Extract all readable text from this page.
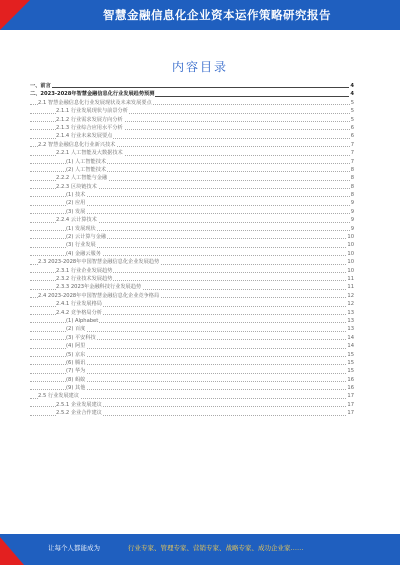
智慧金融信息化企业资本运作策略研究报告
内容目录
一、前言	4
二、2023-2028年智慧金融信息化行业发展趋势预测	4
2.1 智慧金融信息化行业发展现状及未来发展要点	5
2.1.1 行业发展现状与前景分析	5
2.1.2 行业需求发展方向分析	5
2.1.3 行业综合应用水平分析	6
2.1.4 行业未来发展要点	6
2.2 智慧金融信息化行业新兴技术	7
2.2.1 人工智能及大数据技术	7
(1) 人工智能技术	7
(2) 人工智能技术	8
2.2.2 人工智能与金融	8
2.2.3 区块链技术	8
(1) 技术	8
(2) 应用	9
(3) 发展	9
2.2.4 云计算技术	9
(1) 发展现状	9
(2) 云计算与金融	10
(3) 行业发展	10
(4) 金融云服务	10
2.3 2023-2028年中国智慧金融信息化企业发展趋势	10
2.3.1 行业企业发展趋势	10
2.3.2 行业技术发展趋势	11
2.3.3 2023年金融科技行业发展趋势	11
2.4 2023-2028年中国智慧金融信息化企业竞争格局	12
2.4.1 行业发展格局	12
2.4.2 竞争格局分析	13
(1) Alphabet	13
(2) 百度	13
(3) 平安科技	14
(4) 阿里	14
(5) 京东	15
(6) 腾讯	15
(7) 华为	15
(8) 蚂蚁	16
(9) 其他	16
2.5 行业发展建议	17
2.5.1 企业发展建议	17
2.5.2 企业合作建议	17
让每个人都能成为	行业专家、管理专家、营销专家、战略专家、成功企业家……
